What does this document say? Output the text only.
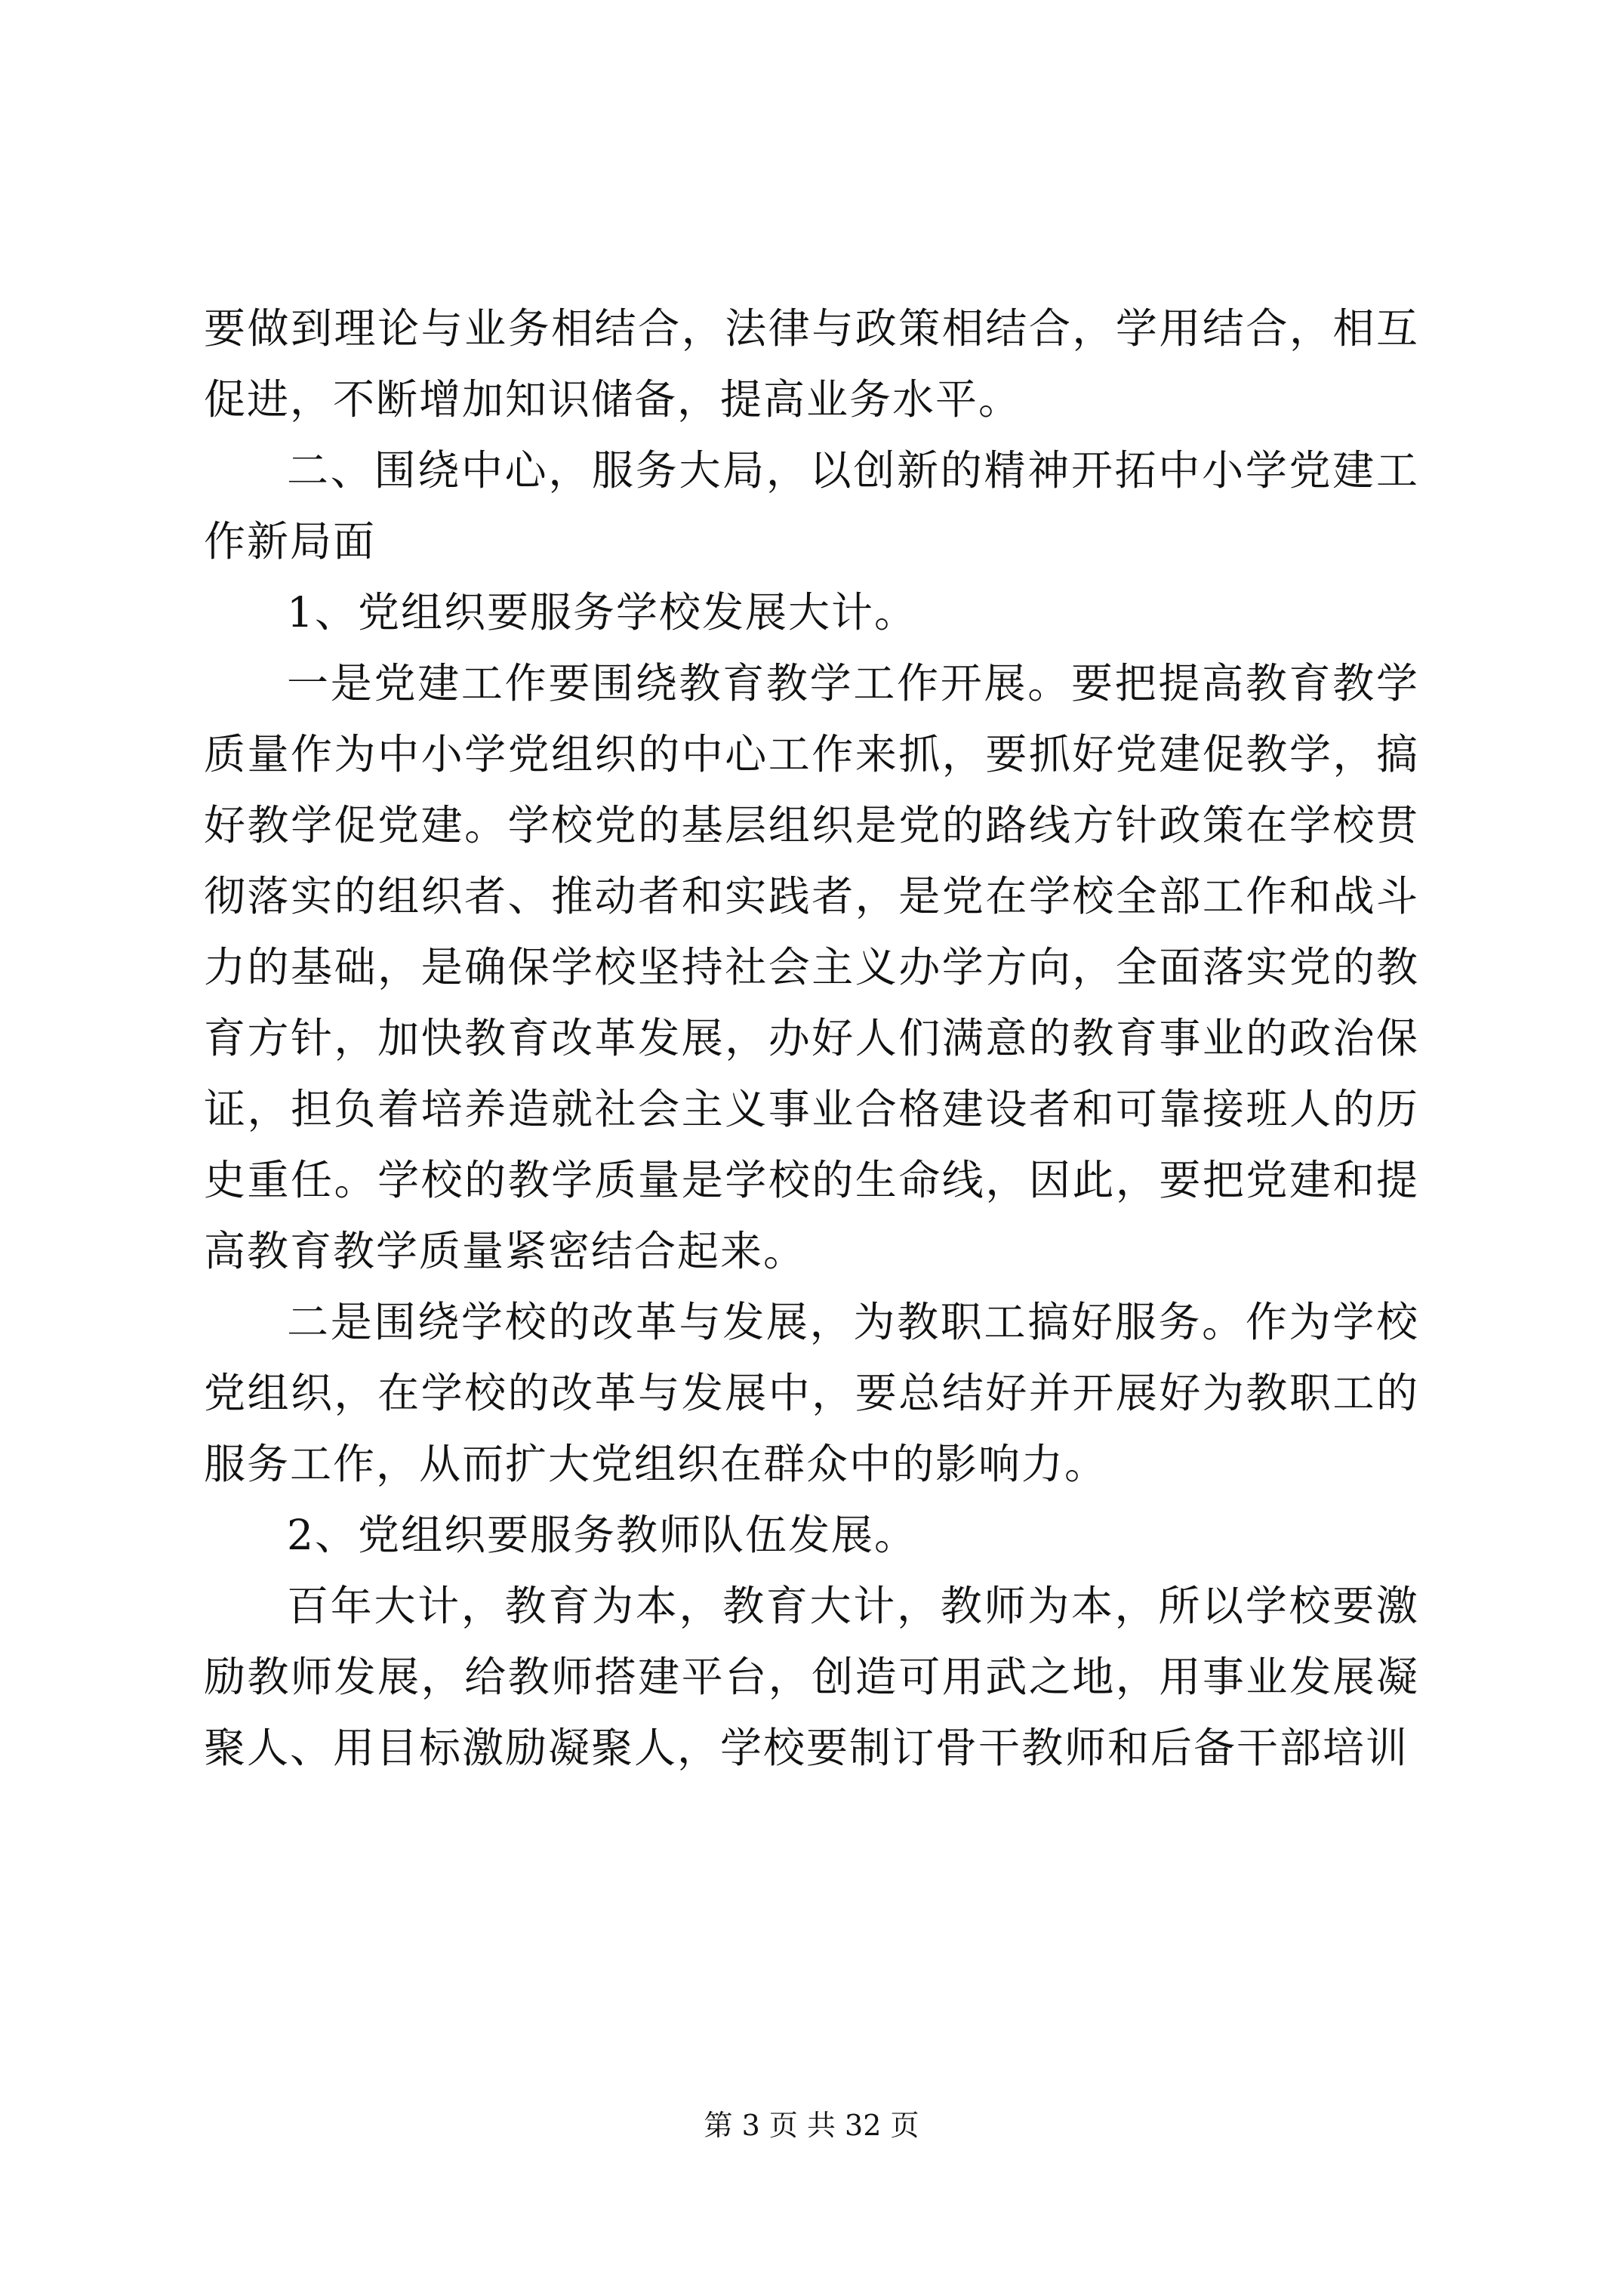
要做到理论与业务相结合，法律与政策相结合，学用结合，相互促进，不断增加知识储备，提高业务水平。

二、围绕中心，服务大局，以创新的精神开拓中小学党建工作新局面

1、党组织要服务学校发展大计。

一是党建工作要围绕教育教学工作开展。要把提高教育教学质量作为中小学党组织的中心工作来抓，要抓好党建促教学，搞好教学促党建。学校党的基层组织是党的路线方针政策在学校贯彻落实的组织者、推动者和实践者，是党在学校全部工作和战斗力的基础，是确保学校坚持社会主义办学方向，全面落实党的教育方针，加快教育改革发展，办好人们满意的教育事业的政治保证，担负着培养造就社会主义事业合格建设者和可靠接班人的历史重任。学校的教学质量是学校的生命线，因此，要把党建和提高教育教学质量紧密结合起来。

二是围绕学校的改革与发展，为教职工搞好服务。作为学校党组织，在学校的改革与发展中，要总结好并开展好为教职工的服务工作，从而扩大党组织在群众中的影响力。

2、党组织要服务教师队伍发展。

百年大计，教育为本，教育大计，教师为本，所以学校要激励教师发展，给教师搭建平台，创造可用武之地，用事业发展凝聚人、用目标激励凝聚人，学校要制订骨干教师和后备干部培训

第 3 页 共 32 页
